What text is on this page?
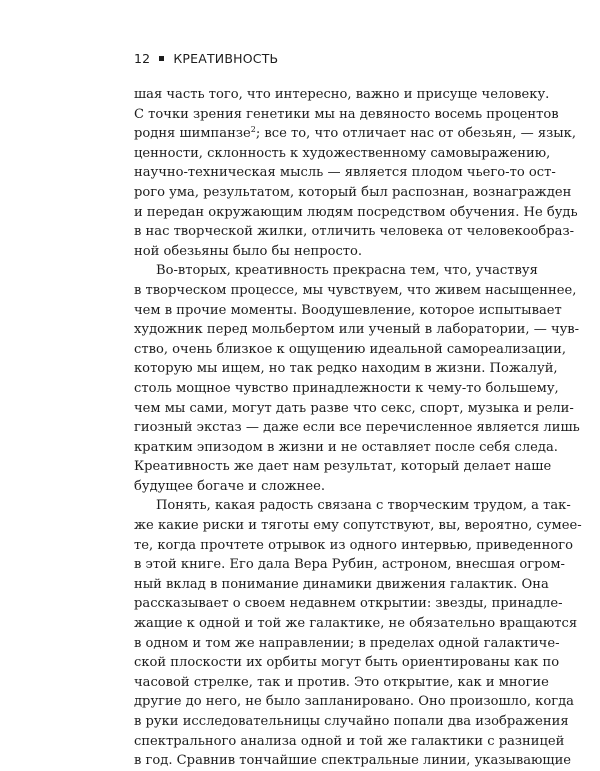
12 КРЕАТИВНОСТЬ
шая часть того, что интересно, важно и присуще человеку.
С точки зрения генетики мы на девяносто восемь процентов
родня шимпанзе$^2$; все то, что отличает нас от обезьян, — язык,
ценности, склонность к художественному самовыражению,
научно-техническая мысль — является плодом чьего-то ост-
рого ума, результатом, который был распознан, вознагражден
и передан окружающим людям посредством обучения. Не будь
в нас творческой жилки, отличить человека от человекообраз-
ной обезьяны было бы непросто.
Во-вторых, креативность прекрасна тем, что, участвуя
в творческом процессе, мы чувствуем, что живем насыщеннее,
чем в прочие моменты. Воодушевление, которое испытывает
художник перед мольбертом или ученый в лаборатории, — чув-
ство, очень близкое к ощущению идеальной самореализации,
которую мы ищем, но так редко находим в жизни. Пожалуй,
столь мощное чувство принадлежности к чему-то большему,
чем мы сами, могут дать разве что секс, спорт, музыка и рели-
гиозный экстаз — даже если все перечисленное является лишь
кратким эпизодом в жизни и не оставляет после себя следа.
Креативность же дает нам результат, который делает наше
будущее богаче и сложнее.
Понять, какая радость связана с творческим трудом, а так-
же какие риски и тяготы ему сопутствуют, вы, вероятно, сумее-
те, когда прочтете отрывок из одного интервью, приведенного
в этой книге. Его дала Вера Рубин, астроном, внесшая огром-
ный вклад в понимание динамики движения галактик. Она
рассказывает о своем недавнем открытии: звезды, принадле-
жащие к одной и той же галактике, не обязательно вращаются
в одном и том же направлении; в пределах одной галактиче-
ской плоскости их орбиты могут быть ориентированы как по
часовой стрелке, так и против. Это открытие, как и многие
другие до него, не было запланировано. Оно произошло, когда
в руки исследовательницы случайно попали два изображения
спектрального анализа одной и той же галактики с разницей
в год. Сравнив тончайшие спектральные линии, указывающие
